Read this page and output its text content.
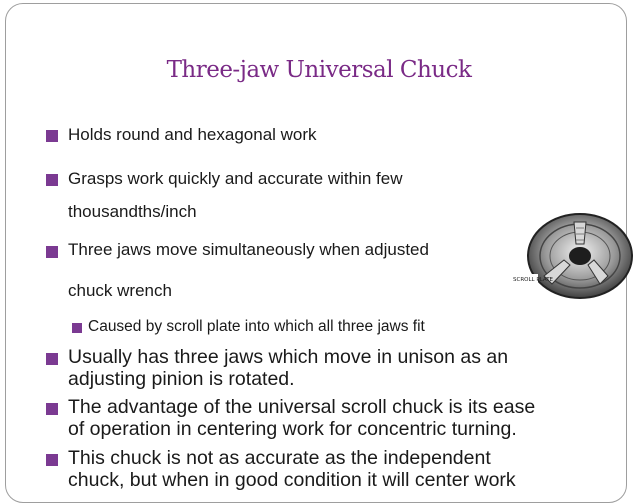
Three-jaw Universal Chuck
Holds round and hexagonal work
Grasps work quickly and accurate within few
thousandths/inch
Three jaws move simultaneously when adjusted
chuck wrench
Caused by scroll plate into which all three jaws fit
Usually has three jaws which move in unison as an
adjusting pinion is rotated.
The advantage of the universal scroll chuck is its ease
of operation in centering work for concentric turning.
This chuck is not as accurate as the independent
chuck, but when in good condition it will center work
SCROLL PLATE
